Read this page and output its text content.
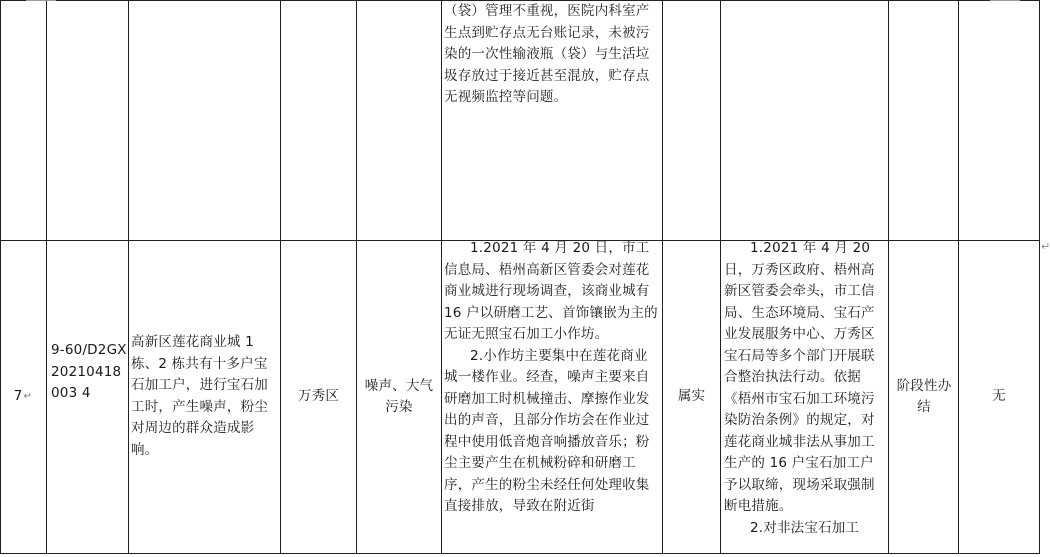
（袋）管理不重视，医院内科室产生点到贮存点无台账记录，未被污染的一次性输液瓶（袋）与生活垃圾存放过于接近甚至混放，贮存点无视频监控等问题。

7 ↵

9-60/D2GX20210418003 4

高新区莲花商业城 1 栋、2 栋共有十多户宝石加工户，进行宝石加工时，产生噪声，粉尘对周边的群众造成影响。

万秀区
噪声、大气污染

1.2021 年 4 月 20 日，市工信息局、梧州高新区管委会对莲花商业城进行现场调查，该商业城有 16 户以研磨工艺、首饰镶嵌为主的无证无照宝石加工小作坊。

2.小作坊主要集中在莲花商业城一楼作业。经查，噪声主要来自研磨加工时机械撞击、摩擦作业发出的声音，且部分作坊会在作业过程中使用低音炮音响播放音乐；粉尘主要产生在机械粉碎和研磨工序，产生的粉尘未经任何处理收集直接排放，导致在附近街

属实

1.2021 年 4 月 20 日，万秀区政府、梧州高新区管委会牵头，市工信局、生态环境局、宝石产业发展服务中心、万秀区宝石局等多个部门开展联合整治执法行动。依据《梧州市宝石加工环境污染防治条例》的规定，对莲花商业城非法从事加工生产的 16 户宝石加工户予以取缔，现场采取强制断电措施。

2.对非法宝石加工

阶段性办结
无
↵
